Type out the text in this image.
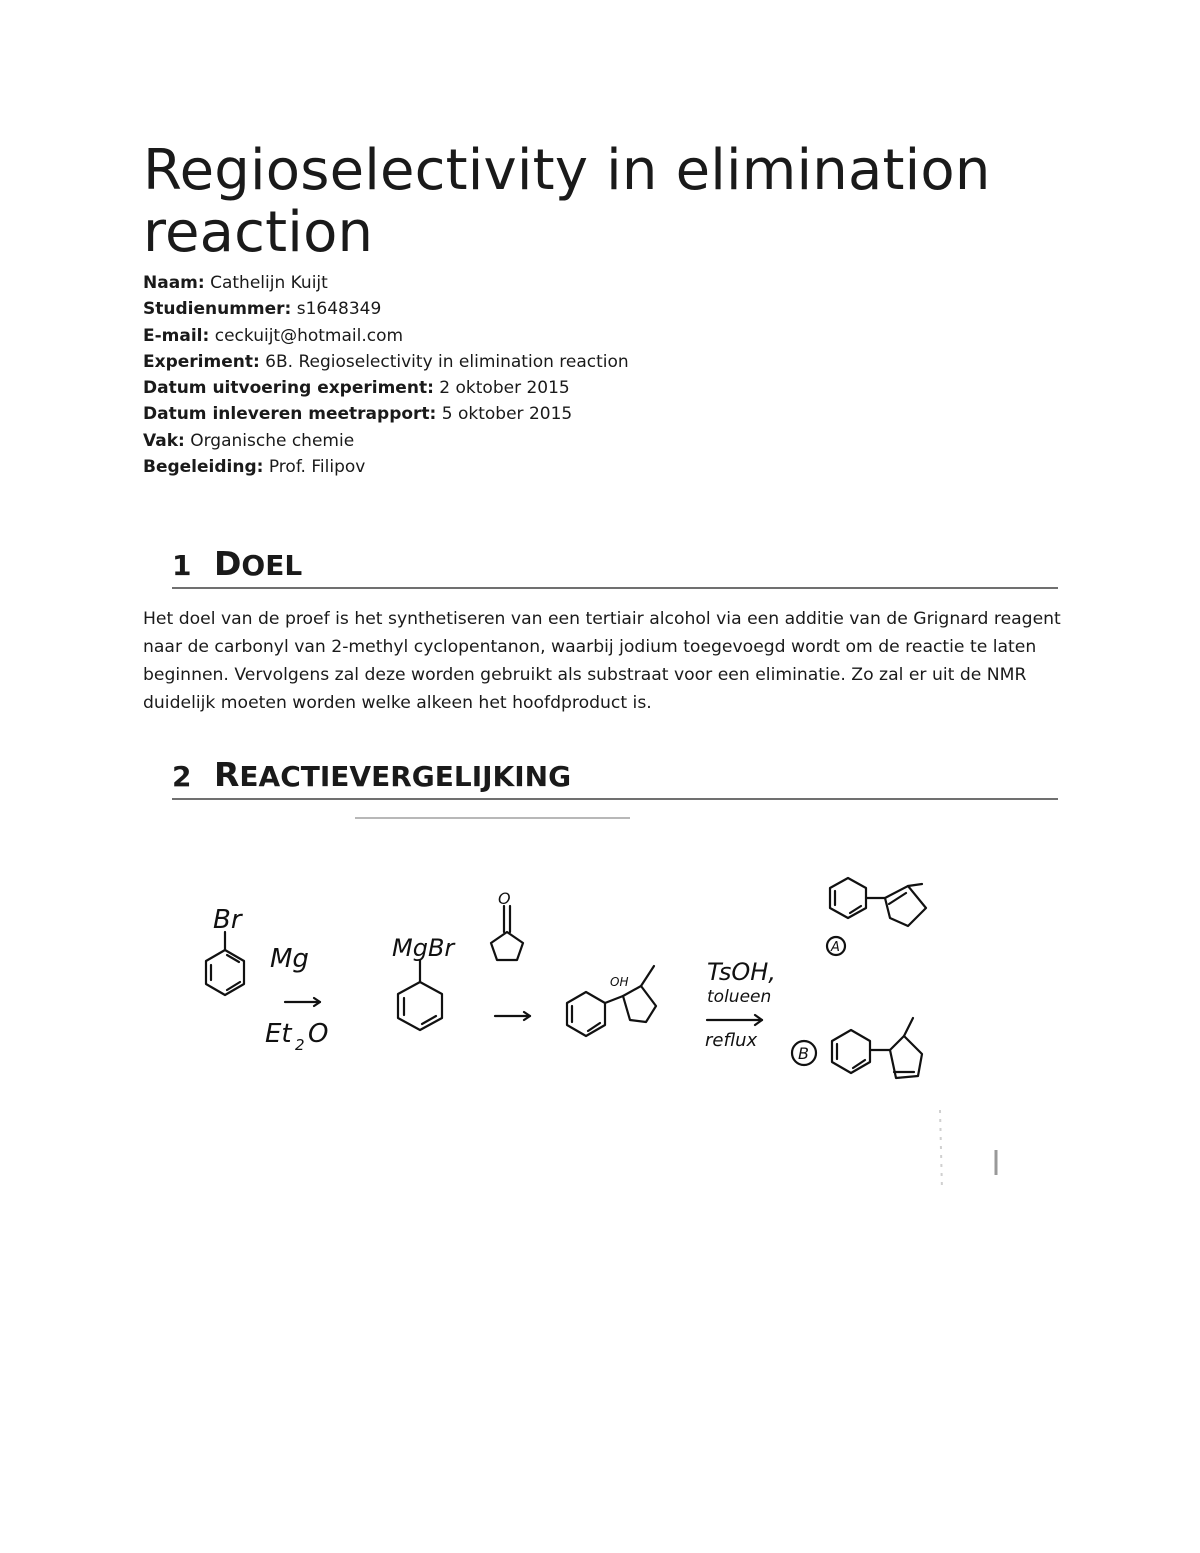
Regioselectivity in elimination reaction
Naam: Cathelijn Kuijt
Studienummer: s1648349
E-mail: ceckuijt@hotmail.com
Experiment: 6B. Regioselectivity in elimination reaction
Datum uitvoering experiment: 2 oktober 2015
Datum inleveren meetrapport: 5 oktober 2015
Vak: Organische chemie
Begeleiding: Prof. Filipov
1 DOEL

Het doel van de proef is het synthetiseren van een tertiair alcohol via een additie van de Grignard reagent naar de carbonyl van 2-methyl cyclopentanon, waarbij jodium toegevoegd wordt om de reactie te laten beginnen. Vervolgens zal deze worden gebruikt als substraat voor een eliminatie. Zo zal er uit de NMR duidelijk moeten worden welke alkeen het hoofdproduct is.

2 REACTIEVERGELIJKING
Br
Mg
Et 2 O
MgBr
O
OH	TsOH,
tolueen
reflux
A
B
